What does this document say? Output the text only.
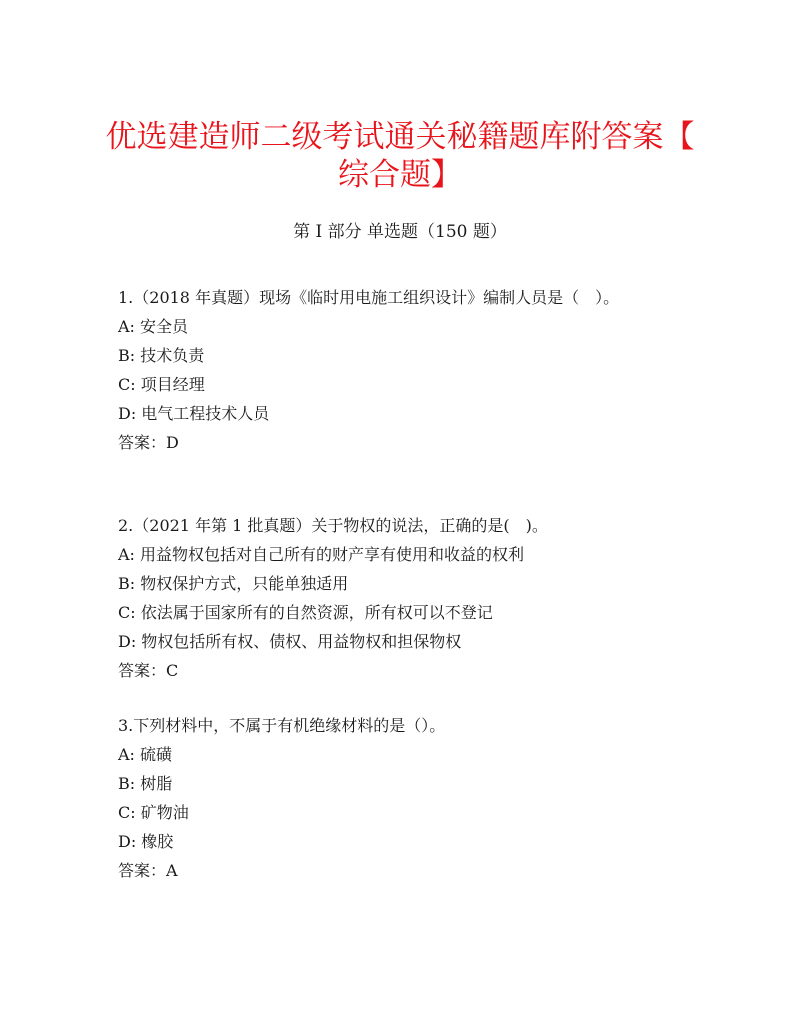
优选建造师二级考试通关秘籍题库附答案【
综合题】
第 I 部分 单选题（150 题）
1.（2018 年真题）现场《临时用电施工组织设计》编制人员是（　）。
A: 安全员
B: 技术负责
C: 项目经理
D: 电气工程技术人员
答案：D
2.（2021 年第 1 批真题）关于物权的说法，正确的是(　)。
A: 用益物权包括对自己所有的财产享有使用和收益的权利
B: 物权保护方式，只能单独适用
C: 依法属于国家所有的自然资源，所有权可以不登记
D: 物权包括所有权、债权、用益物权和担保物权
答案：C
3.下列材料中，不属于有机绝缘材料的是（）。
A: 硫磺
B: 树脂
C: 矿物油
D: 橡胶
答案：A
